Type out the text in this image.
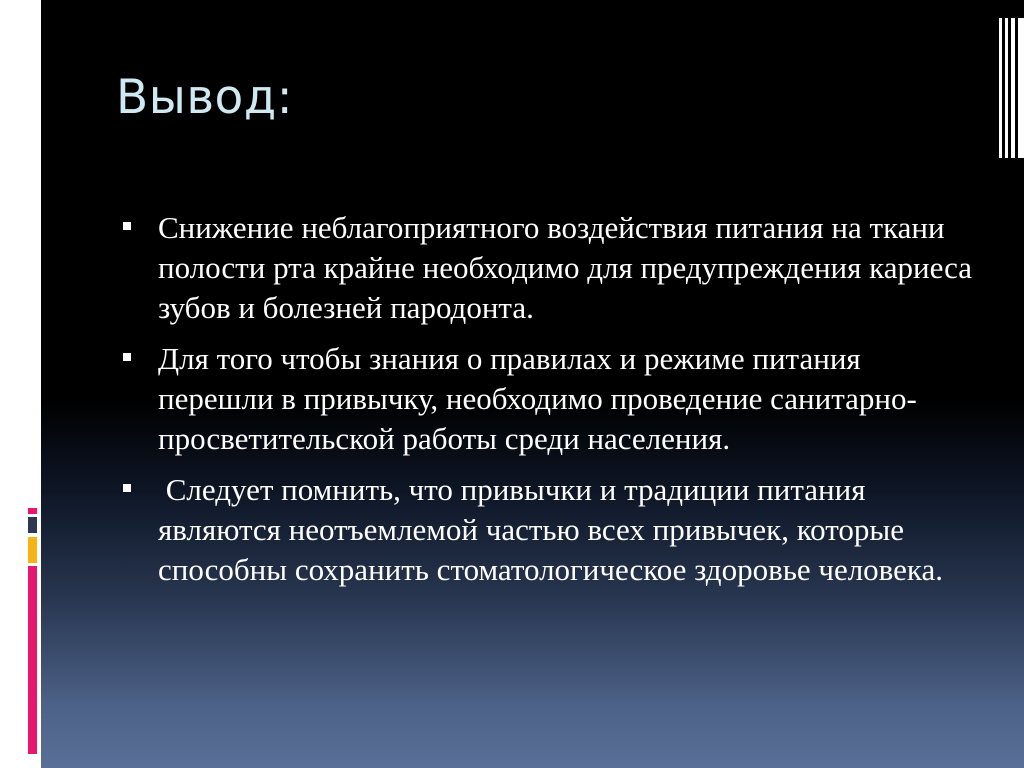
Вывод:
Снижение неблагоприятного воздействия питания на ткани полости рта крайне необходимо для предупреждения кариеса зубов и болезней пародонта.
Для того чтобы знания о правилах и режиме питания перешли в привычку, необходимо проведение санитарно-просветительской работы среди населения.
Следует помнить, что привычки и традиции питания являются неотъемлемой частью всех привычек, которые способны сохранить стоматологическое здоровье человека.
